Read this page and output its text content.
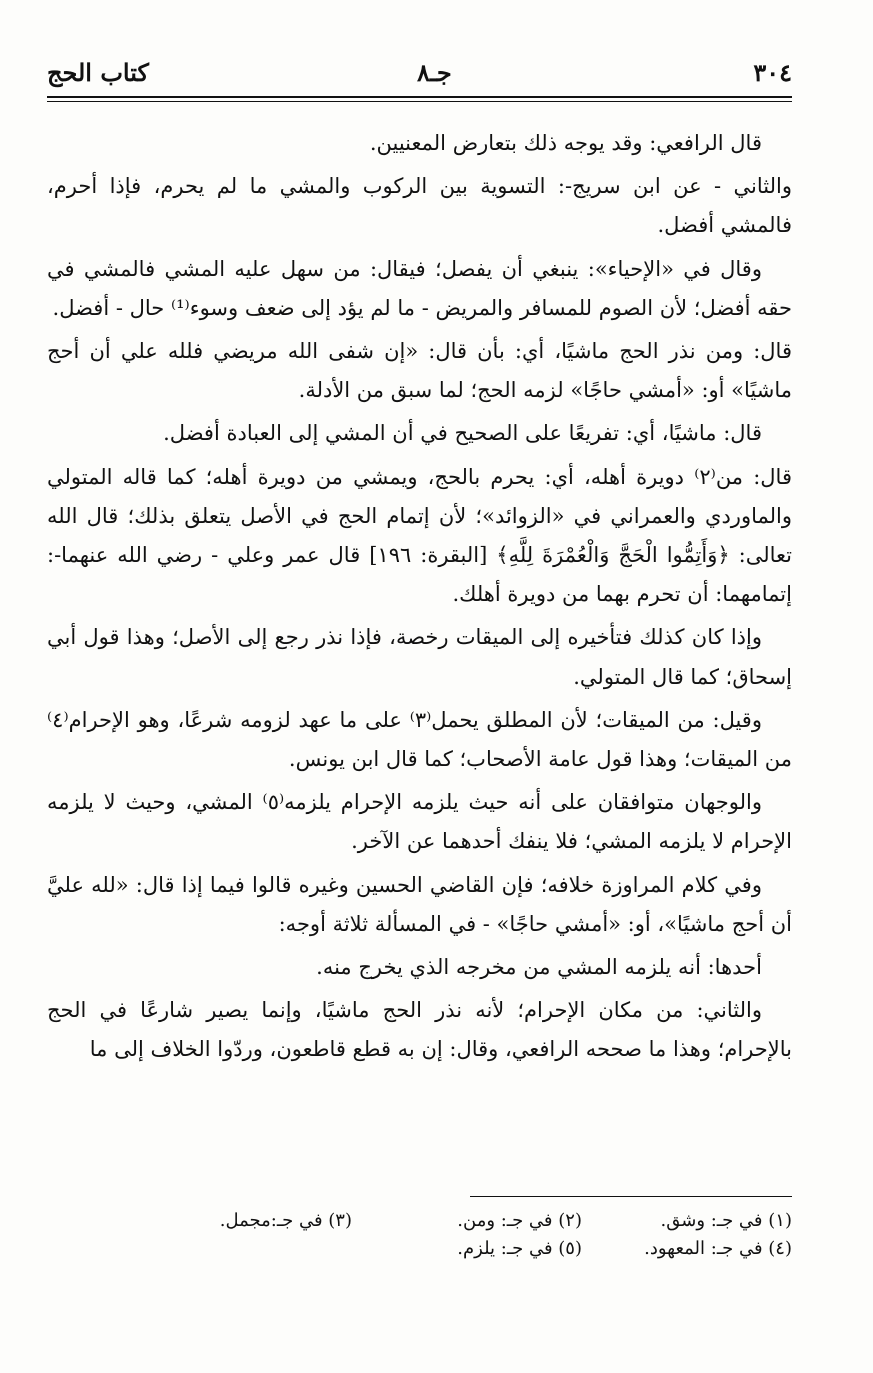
٣٠٤
جـ٨
كتاب الحج

قال الرافعي: وقد يوجه ذلك بتعارض المعنيين.

والثاني - عن ابن سريج-: التسوية بين الركوب والمشي ما لم يحرم، فإذا أحرم، فالمشي أفضل.

وقال في «الإحياء»: ينبغي أن يفصل؛ فيقال: من سهل عليه المشي فالمشي في حقه أفضل؛ لأن الصوم للمسافر والمريض - ما لم يؤد إلى ضعف وسوء⁽¹⁾ حال - أفضل.

قال: ومن نذر الحج ماشيًا، أي: بأن قال: «إن شفى الله مريضي فلله علي أن أحج ماشيًا» أو: «أمشي حاجًا» لزمه الحج؛ لما سبق من الأدلة.

قال: ماشيًا، أي: تفريعًا على الصحيح في أن المشي إلى العبادة أفضل.

قال: من⁽٢⁾ دويرة أهله، أي: يحرم بالحج، ويمشي من دويرة أهله؛ كما قاله المتولي والماوردي والعمراني في «الزوائد»؛ لأن إتمام الحج في الأصل يتعلق بذلك؛ قال الله تعالى: ﴿وَأَتِمُّوا الْحَجَّ وَالْعُمْرَةَ لِلَّهِ﴾ [البقرة: ١٩٦] قال عمر وعلي - رضي الله عنهما-: إتمامهما: أن تحرم بهما من دويرة أهلك.

وإذا كان كذلك فتأخيره إلى الميقات رخصة، فإذا نذر رجع إلى الأصل؛ وهذا قول أبي إسحاق؛ كما قال المتولي.

وقيل: من الميقات؛ لأن المطلق يحمل⁽٣⁾ على ما عهد لزومه شرعًا، وهو الإحرام⁽٤⁾ من الميقات؛ وهذا قول عامة الأصحاب؛ كما قال ابن يونس.

والوجهان متوافقان على أنه حيث يلزمه الإحرام يلزمه⁽٥⁾ المشي، وحيث لا يلزمه الإحرام لا يلزمه المشي؛ فلا ينفك أحدهما عن الآخر.

وفي كلام المراوزة خلافه؛ فإن القاضي الحسين وغيره قالوا فيما إذا قال: «لله عليَّ أن أحج ماشيًا»، أو: «أمشي حاجًا» - في المسألة ثلاثة أوجه:

أحدها: أنه يلزمه المشي من مخرجه الذي يخرج منه.

والثاني: من مكان الإحرام؛ لأنه نذر الحج ماشيًا، وإنما يصير شارعًا في الحج بالإحرام؛ وهذا ما صححه الرافعي، وقال: إن به قطع قاطعون، وردّوا الخلاف إلى ما

(١) في جـ: وشق.
(٢) في جـ: ومن.
(٣) في جـ:مجمل.
(٤) في جـ: المعهود.
(٥) في جـ: يلزم.
